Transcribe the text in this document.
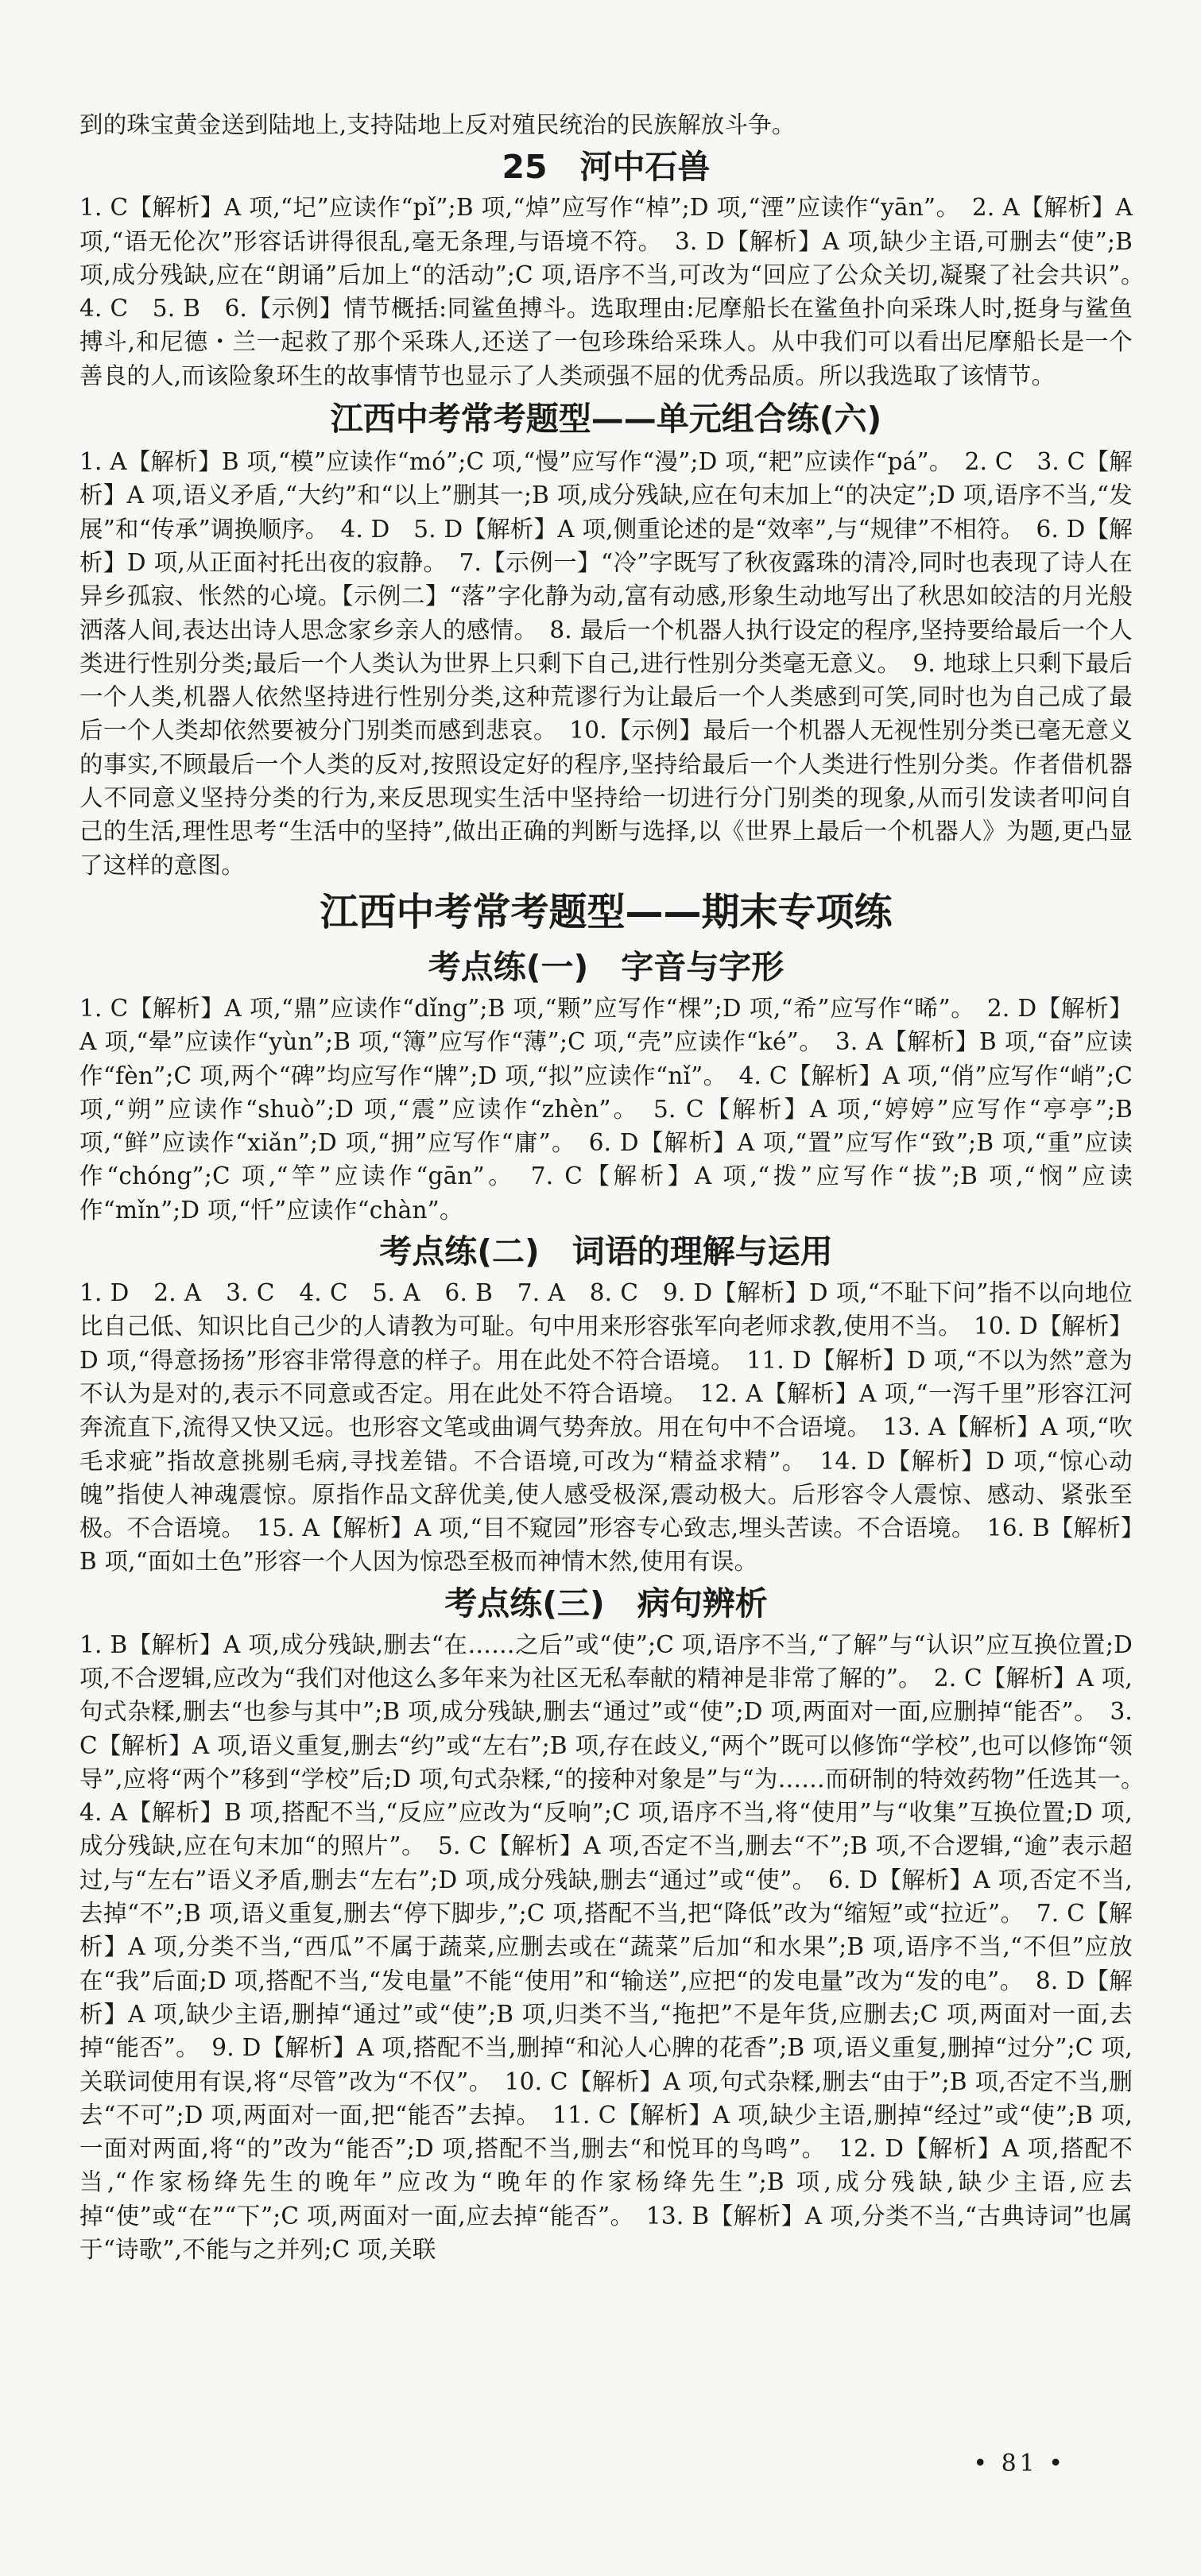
到的珠宝黄金送到陆地上,支持陆地上反对殖民统治的民族解放斗争。

25　河中石兽

1. C【解析】A 项,“圮”应读作“pǐ”;B 项,“焯”应写作“棹”;D 项,“湮”应读作“yān”。　2. A【解析】A 项,“语无伦次”形容话讲得很乱,毫无条理,与语境不符。　3. D【解析】A 项,缺少主语,可删去“使”;B 项,成分残缺,应在“朗诵”后加上“的活动”;C 项,语序不当,可改为“回应了公众关切,凝聚了社会共识”。　4. C　5. B　6.【示例】情节概括:同鲨鱼搏斗。选取理由:尼摩船长在鲨鱼扑向采珠人时,挺身与鲨鱼搏斗,和尼德・兰一起救了那个采珠人,还送了一包珍珠给采珠人。从中我们可以看出尼摩船长是一个善良的人,而该险象环生的故事情节也显示了人类顽强不屈的优秀品质。所以我选取了该情节。

江西中考常考题型——单元组合练(六)

1. A【解析】B 项,“模”应读作“mó”;C 项,“慢”应写作“漫”;D 项,“耙”应读作“pá”。　2. C　3. C【解析】A 项,语义矛盾,“大约”和“以上”删其一;B 项,成分残缺,应在句末加上“的决定”;D 项,语序不当,“发展”和“传承”调换顺序。　4. D　5. D【解析】A 项,侧重论述的是“效率”,与“规律”不相符。　6. D【解析】D 项,从正面衬托出夜的寂静。　7.【示例一】“冷”字既写了秋夜露珠的清冷,同时也表现了诗人在异乡孤寂、怅然的心境。【示例二】“落”字化静为动,富有动感,形象生动地写出了秋思如皎洁的月光般洒落人间,表达出诗人思念家乡亲人的感情。　8. 最后一个机器人执行设定的程序,坚持要给最后一个人类进行性别分类;最后一个人类认为世界上只剩下自己,进行性别分类毫无意义。　9. 地球上只剩下最后一个人类,机器人依然坚持进行性别分类,这种荒谬行为让最后一个人类感到可笑,同时也为自己成了最后一个人类却依然要被分门别类而感到悲哀。　10.【示例】最后一个机器人无视性别分类已毫无意义的事实,不顾最后一个人类的反对,按照设定好的程序,坚持给最后一个人类进行性别分类。作者借机器人不同意义坚持分类的行为,来反思现实生活中坚持给一切进行分门别类的现象,从而引发读者叩问自己的生活,理性思考“生活中的坚持”,做出正确的判断与选择,以《世界上最后一个机器人》为题,更凸显了这样的意图。

江西中考常考题型——期末专项练
考点练(一)　字音与字形

1. C【解析】A 项,“鼎”应读作“dǐng”;B 项,“颗”应写作“棵”;D 项,“希”应写作“晞”。　2. D【解析】A 项,“晕”应读作“yùn”;B 项,“簿”应写作“薄”;C 项,“壳”应读作“ké”。　3. A【解析】B 项,“奋”应读作“fèn”;C 项,两个“碑”均应写作“牌”;D 项,“拟”应读作“nǐ”。　4. C【解析】A 项,“俏”应写作“峭”;C 项,“朔”应读作“shuò”;D 项,“震”应读作“zhèn”。　5. C【解析】A 项,“婷婷”应写作“亭亭”;B 项,“鲜”应读作“xiǎn”;D 项,“拥”应写作“庸”。　6. D【解析】A 项,“置”应写作“致”;B 项,“重”应读作“chóng”;C 项,“竿”应读作“gān”。　7. C【解析】A 项,“拨”应写作“拔”;B 项,“悯”应读作“mǐn”;D 项,“忏”应读作“chàn”。

考点练(二)　词语的理解与运用

1. D　2. A　3. C　4. C　5. A　6. B　7. A　8. C　9. D【解析】D 项,“不耻下问”指不以向地位比自己低、知识比自己少的人请教为可耻。句中用来形容张军向老师求教,使用不当。　10. D【解析】D 项,“得意扬扬”形容非常得意的样子。用在此处不符合语境。　11. D【解析】D 项,“不以为然”意为不认为是对的,表示不同意或否定。用在此处不符合语境。　12. A【解析】A 项,“一泻千里”形容江河奔流直下,流得又快又远。也形容文笔或曲调气势奔放。用在句中不合语境。　13. A【解析】A 项,“吹毛求疵”指故意挑剔毛病,寻找差错。不合语境,可改为“精益求精”。　14. D【解析】D 项,“惊心动魄”指使人神魂震惊。原指作品文辞优美,使人感受极深,震动极大。后形容令人震惊、感动、紧张至极。不合语境。　15. A【解析】A 项,“目不窥园”形容专心致志,埋头苦读。不合语境。　16. B【解析】B 项,“面如土色”形容一个人因为惊恐至极而神情木然,使用有误。

考点练(三)　病句辨析

1. B【解析】A 项,成分残缺,删去“在……之后”或“使”;C 项,语序不当,“了解”与“认识”应互换位置;D 项,不合逻辑,应改为“我们对他这么多年来为社区无私奉献的精神是非常了解的”。　2. C【解析】A 项,句式杂糅,删去“也参与其中”;B 项,成分残缺,删去“通过”或“使”;D 项,两面对一面,应删掉“能否”。　3. C【解析】A 项,语义重复,删去“约”或“左右”;B 项,存在歧义,“两个”既可以修饰“学校”,也可以修饰“领导”,应将“两个”移到“学校”后;D 项,句式杂糅,“的接种对象是”与“为……而研制的特效药物”任选其一。　4. A【解析】B 项,搭配不当,“反应”应改为“反响”;C 项,语序不当,将“使用”与“收集”互换位置;D 项,成分残缺,应在句末加“的照片”。　5. C【解析】A 项,否定不当,删去“不”;B 项,不合逻辑,“逾”表示超过,与“左右”语义矛盾,删去“左右”;D 项,成分残缺,删去“通过”或“使”。　6. D【解析】A 项,否定不当,去掉“不”;B 项,语义重复,删去“停下脚步,”;C 项,搭配不当,把“降低”改为“缩短”或“拉近”。　7. C【解析】A 项,分类不当,“西瓜”不属于蔬菜,应删去或在“蔬菜”后加“和水果”;B 项,语序不当,“不但”应放在“我”后面;D 项,搭配不当,“发电量”不能“使用”和“输送”,应把“的发电量”改为“发的电”。　8. D【解析】A 项,缺少主语,删掉“通过”或“使”;B 项,归类不当,“拖把”不是年货,应删去;C 项,两面对一面,去掉“能否”。　9. D【解析】A 项,搭配不当,删掉“和沁人心脾的花香”;B 项,语义重复,删掉“过分”;C 项,关联词使用有误,将“尽管”改为“不仅”。　10. C【解析】A 项,句式杂糅,删去“由于”;B 项,否定不当,删去“不可”;D 项,两面对一面,把“能否”去掉。　11. C【解析】A 项,缺少主语,删掉“经过”或“使”;B 项,一面对两面,将“的”改为“能否”;D 项,搭配不当,删去“和悦耳的鸟鸣”。　12. D【解析】A 项,搭配不当,“作家杨绛先生的晚年”应改为“晚年的作家杨绛先生”;B 项,成分残缺,缺少主语,应去掉“使”或“在”“下”;C 项,两面对一面,应去掉“能否”。　13. B【解析】A 项,分类不当,“古典诗词”也属于“诗歌”,不能与之并列;C 项,关联

• 81 •
